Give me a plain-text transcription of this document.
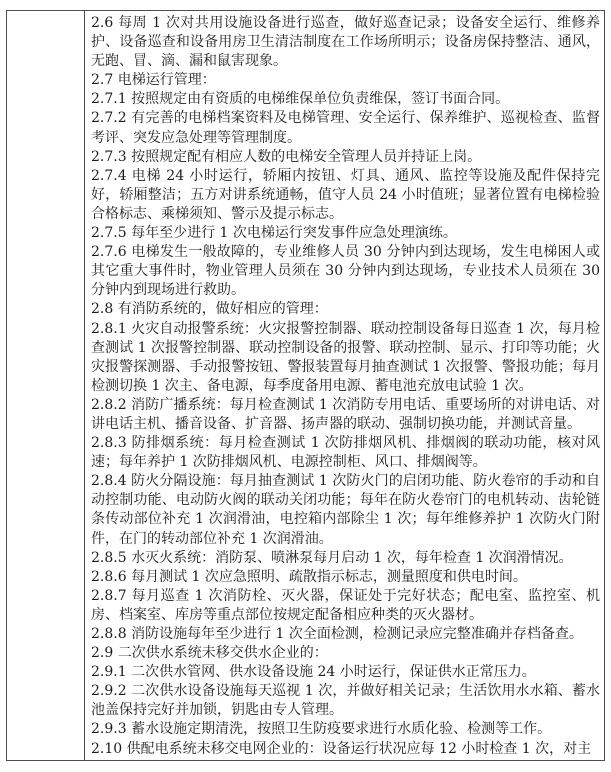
2.6 每周 1 次对共用设施设备进行巡查，做好巡查记录；设备安全运行、维修养护、设备巡查和设备用房卫生清洁制度在工作场所明示；设备房保持整洁、通风，无跑、冒、滴、漏和鼠害现象。

2.7 电梯运行管理：

2.7.1 按照规定由有资质的电梯维保单位负责维保，签订书面合同。

2.7.2 有完善的电梯档案资料及电梯管理、安全运行、保养维护、巡视检查、监督考评、突发应急处理等管理制度。

2.7.3 按照规定配有相应人数的电梯安全管理人员并持证上岗。

2.7.4 电梯 24 小时运行，轿厢内按钮、灯具、通风、监控等设施及配件保持完好，轿厢整洁；五方对讲系统通畅，值守人员 24 小时值班；显著位置有电梯检验合格标志、乘梯须知、警示及提示标志。

2.7.5 每年至少进行 1 次电梯运行突发事件应急处理演练。

2.7.6 电梯发生一般故障的，专业维修人员 30 分钟内到达现场，发生电梯困人或其它重大事件时，物业管理人员须在 30 分钟内到达现场，专业技术人员须在 30 分钟内到现场进行救助。

2.8 有消防系统的，做好相应的管理：

2.8.1 火灾自动报警系统：火灾报警控制器、联动控制设备每日巡查 1 次，每月检查测试 1 次报警控制器、联动控制设备的报警、联动控制、显示、打印等功能；火灾报警探测器、手动报警按钮、警报装置每月抽查测试 1 次报警、警报功能；每月检测切换 1 次主、备电源，每季度备用电源、蓄电池充放电试验 1 次。

2.8.2 消防广播系统：每月检查测试 1 次消防专用电话、重要场所的对讲电话、对讲电话主机、播音设备、扩音器、扬声器的联动、强制切换功能，并测试音量。

2.8.3 防排烟系统：每月检查测试 1 次防排烟风机、排烟阀的联动功能，核对风速；每年养护 1 次防排烟风机、电源控制柜、风口、排烟阀等。

2.8.4 防火分隔设施：每月抽查测试 1 次防火门的启闭功能、防火卷帘的手动和自动控制功能、电动防火阀的联动关闭功能；每年在防火卷帘门的电机转动、齿轮链条传动部位补充 1 次润滑油，电控箱内部除尘 1 次；每年维修养护 1 次防火门附件，在门的转动部位补充 1 次润滑油。

2.8.5 水灭火系统：消防泵、喷淋泵每月启动 1 次，每年检查 1 次润滑情况。

2.8.6 每月测试 1 次应急照明、疏散指示标志，测量照度和供电时间。

2.8.7 每月巡查 1 次消防栓、灭火器，保证处于完好状态；配电室、监控室、机房、档案室、库房等重点部位按规定配备相应种类的灭火器材。

2.8.8 消防设施每年至少进行 1 次全面检测，检测记录应完整准确并存档备查。

2.9 二次供水系统未移交供水企业的：

2.9.1 二次供水管网、供水设备设施 24 小时运行，保证供水正常压力。

2.9.2 二次供水设备设施每天巡视 1 次，并做好相关记录；生活饮用水水箱、蓄水池盖保持完好并加锁，钥匙由专人管理。

2.9.3 蓄水设施定期清洗，按照卫生防疫要求进行水质化验、检测等工作。

2.10 供配电系统未移交电网企业的：设备运行状况应每 12 小时检查 1 次，对主
